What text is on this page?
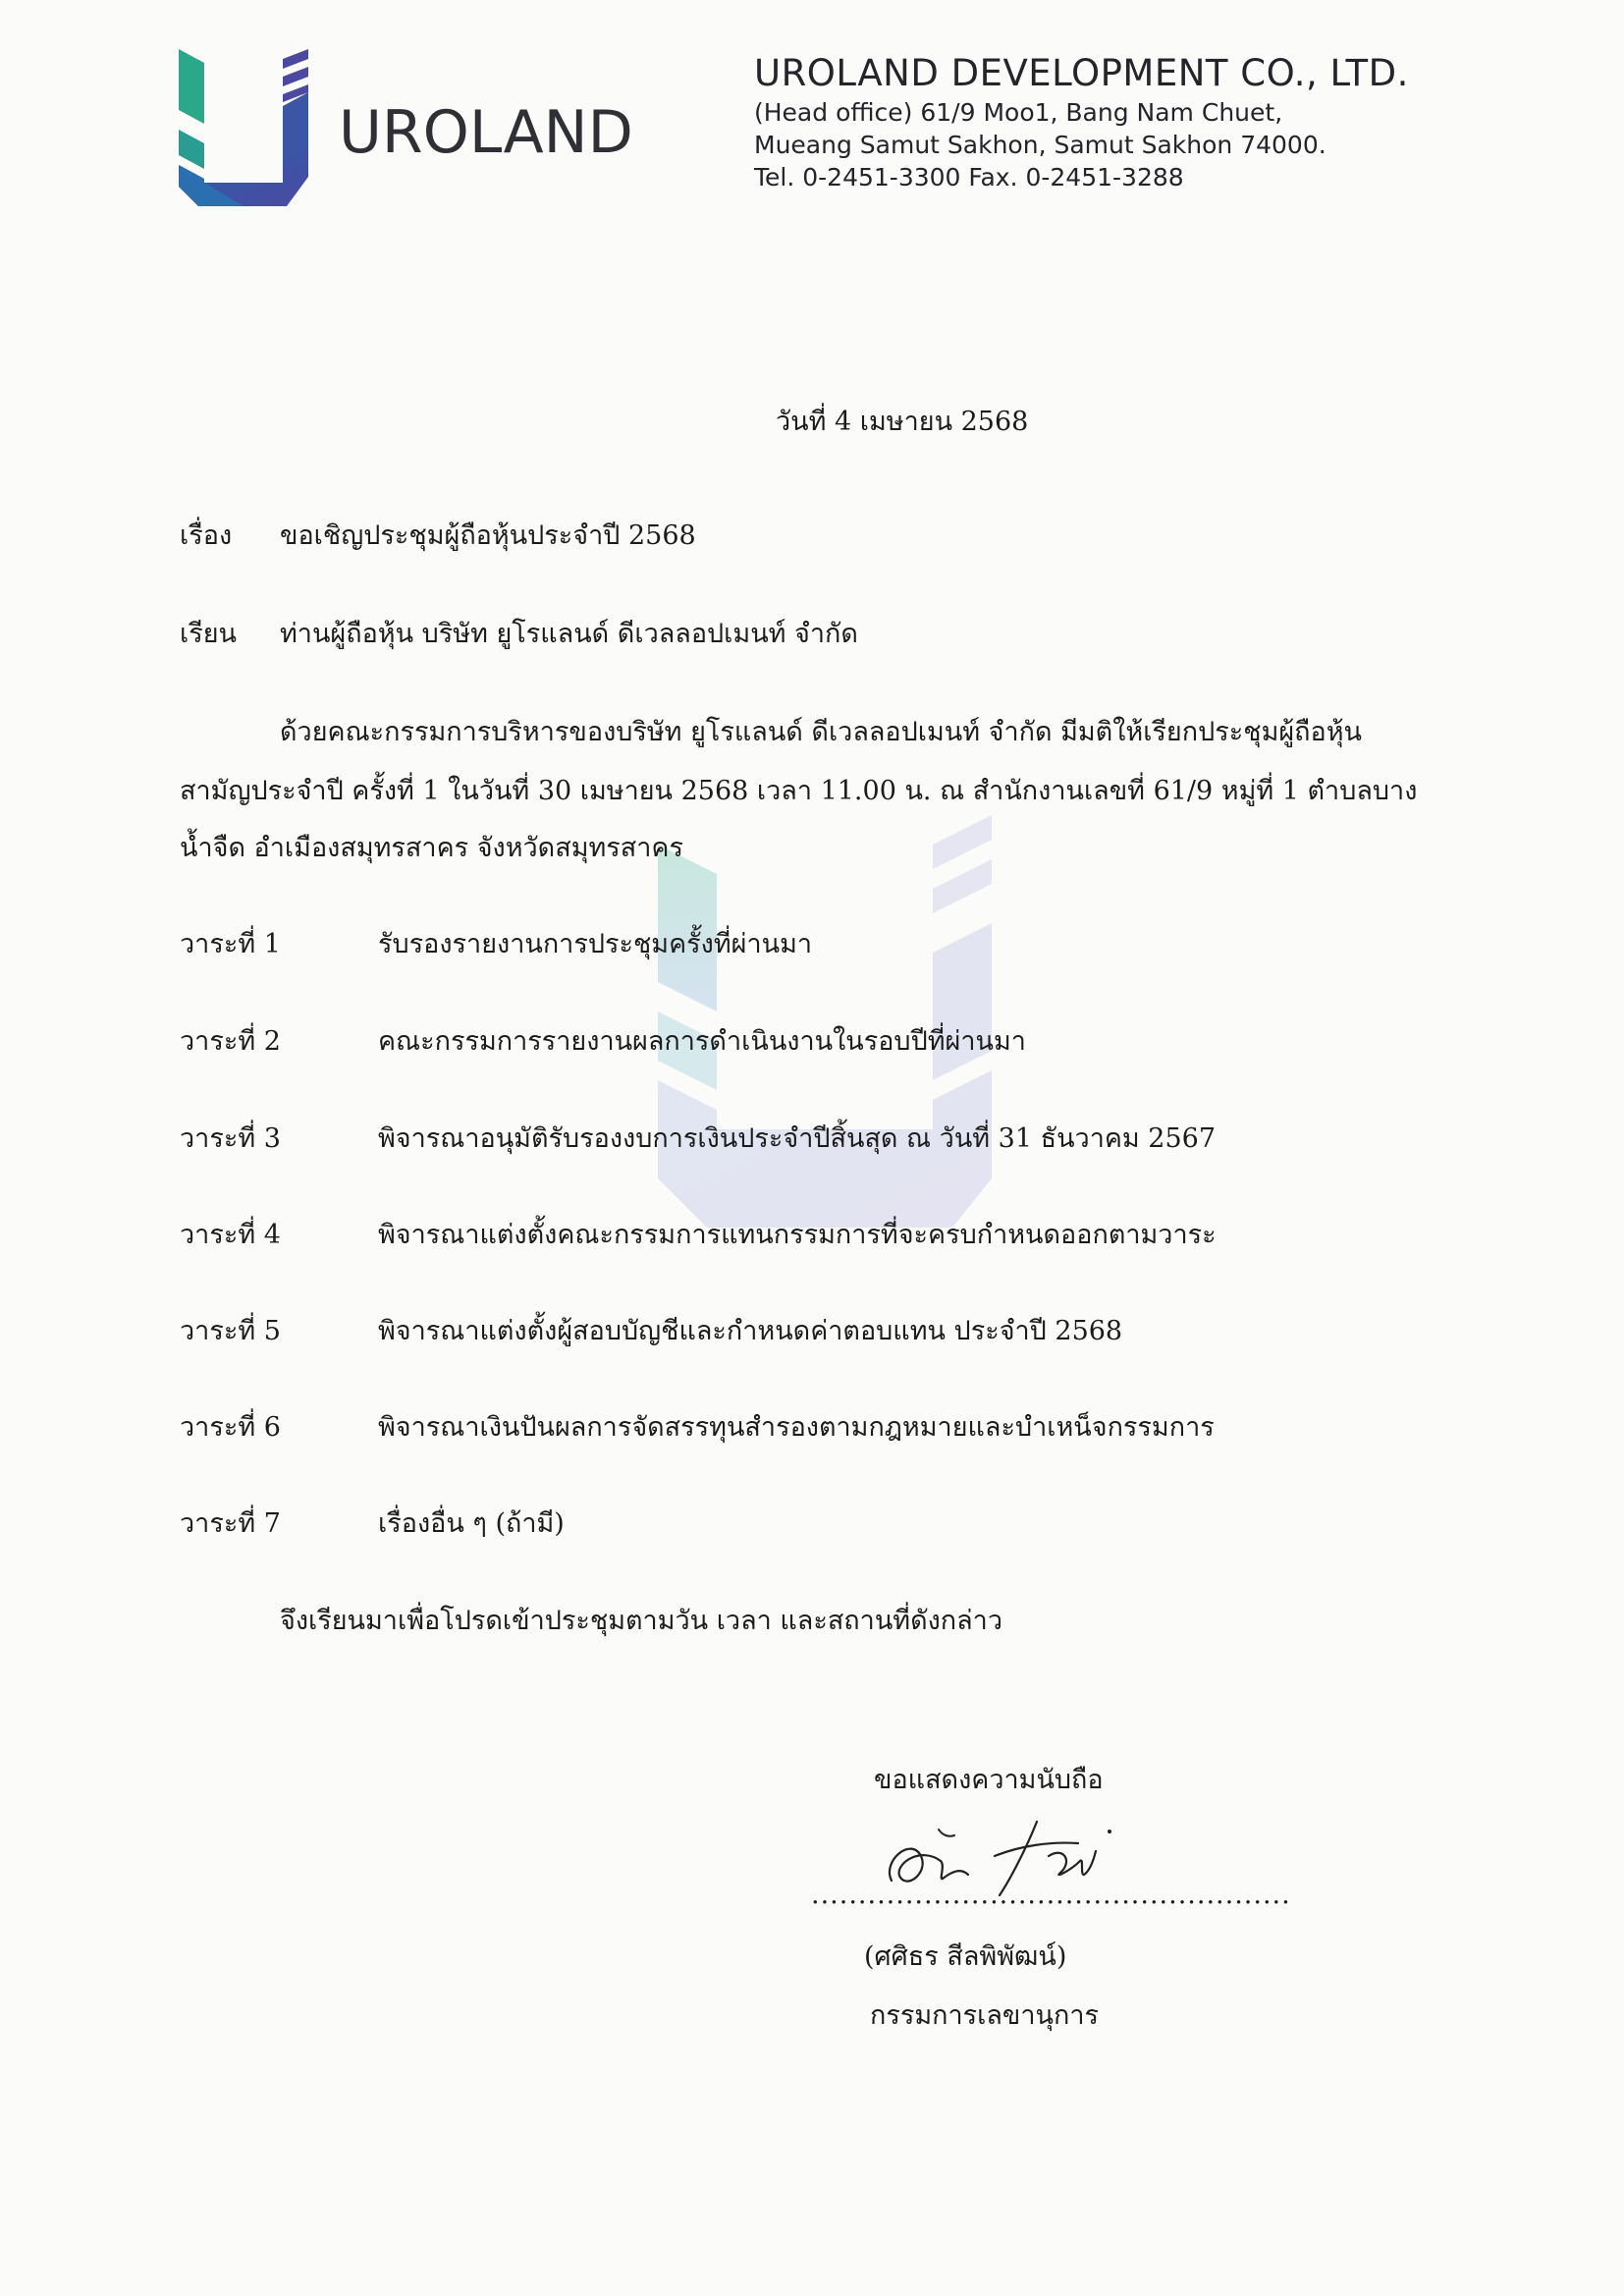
UROLAND
UROLAND DEVELOPMENT CO., LTD.
(Head office) 61/9 Moo1, Bang Nam Chuet,
Mueang Samut Sakhon, Samut Sakhon 74000.
Tel. 0-2451-3300 Fax. 0-2451-3288
วันที่ 4 เมษายน 2568
เรื่อง ขอเชิญประชุมผู้ถือหุ้นประจำปี 2568
เรียน ท่านผู้ถือหุ้น บริษัท ยูโรแลนด์ ดีเวลลอปเมนท์ จำกัด
ด้วยคณะกรรมการบริหารของบริษัท ยูโรแลนด์ ดีเวลลอปเมนท์ จำกัด มีมติให้เรียกประชุมผู้ถือหุ้น
สามัญประจำปี ครั้งที่ 1 ในวันที่ 30 เมษายน 2568 เวลา 11.00 น. ณ สำนักงานเลขที่ 61/9 หมู่ที่ 1 ตำบลบาง
น้ำจืด อำเมืองสมุทรสาคร จังหวัดสมุทรสาคร
วาระที่ 1	รับรองรายงานการประชุมครั้งที่ผ่านมา
วาระที่ 2	คณะกรรมการรายงานผลการดำเนินงานในรอบปีที่ผ่านมา
วาระที่ 3	พิจารณาอนุมัติรับรองงบการเงินประจำปีสิ้นสุด ณ วันที่ 31 ธันวาคม 2567
วาระที่ 4	พิจารณาแต่งตั้งคณะกรรมการแทนกรรมการที่จะครบกำหนดออกตามวาระ
วาระที่ 5	พิจารณาแต่งตั้งผู้สอบบัญชีและกำหนดค่าตอบแทน ประจำปี 2568
วาระที่ 6	พิจารณาเงินปันผลการจัดสรรทุนสำรองตามกฎหมายและบำเหน็จกรรมการ
วาระที่ 7	เรื่องอื่น ๆ (ถ้ามี)
จึงเรียนมาเพื่อโปรดเข้าประชุมตามวัน เวลา และสถานที่ดังกล่าว
ขอแสดงความนับถือ
...................................................
(ศศิธร สีลพิพัฒน์)
กรรมการเลขานุการ
